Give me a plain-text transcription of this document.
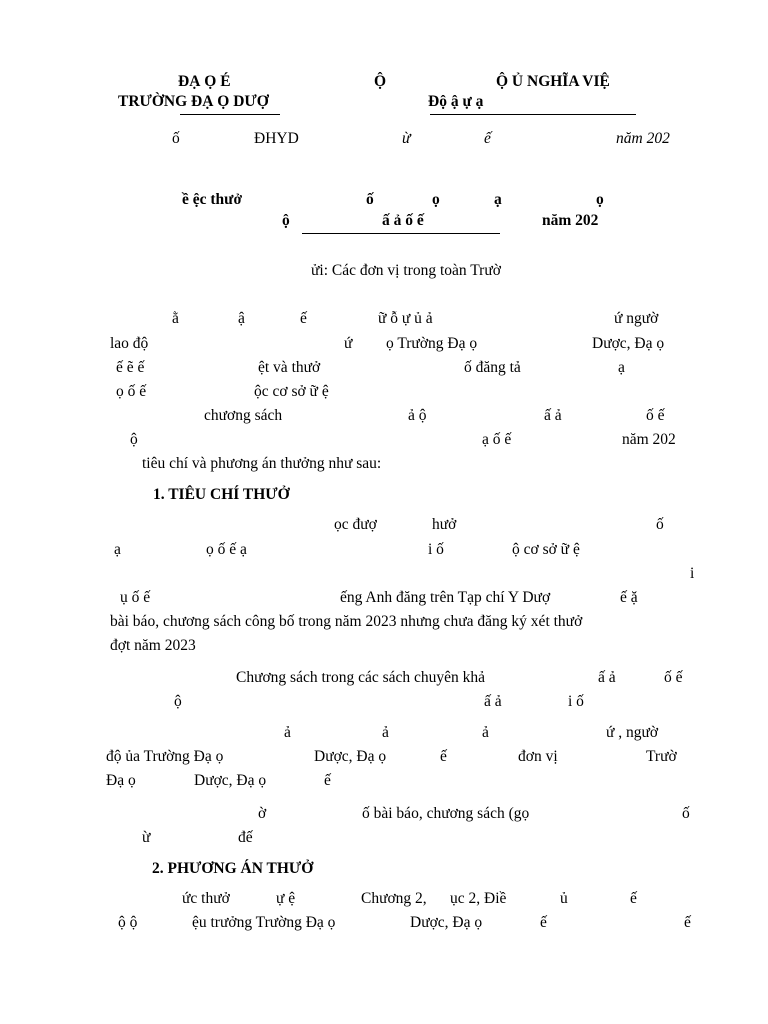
ĐẠ Ọ É	Ộ	Ộ Ủ NGHĨA VIỆ
TRƯỜNG ĐẠ Ọ DƯỢ	Độ ậ ự ạ
ố	ĐHYD	ừ	ế	năm 202
ề ệc thưở	ố	ọ	ạ	ọ
ộ	ấ ả ố ế	năm 202
ửi: Các đơn vị trong toàn Trườ
ằ	ậ	ế	ữ ỗ ự ủ ả	ứ ngườ
lao độ	ứ ọ Trường Đạ ọ	Dược, Đạ ọ
ế ẽ ế	ệt và thưở	ố đăng tả	ạ
ọ ố ế	ộc cơ sở ữ ệ
chương sách	ả ộ	ấ ả	ố ế
ộ	ạ ố ế	năm 202
tiêu chí và phương án thưởng như sau:
1. TIÊU CHÍ THƯỞ
ọc đượ	hưở	ố
ạ	ọ ố ế ạ	i ố	ộ cơ sở ữ ệ
i
ụ ố ế	ếng Anh đăng trên Tạp chí Y Dượ	ế ặ
bài báo, chương sách công bố trong năm 2023 nhưng chưa đăng ký xét thưở
đợt năm 2023
Chương sách trong các sách chuyên khả	ấ ả	ố ế
ộ	ấ ả	i ố
ả	ả	ả	ứ , ngườ
độ ủa Trường Đạ ọ	Dược, Đạ ọ	ế	đơn vị	Trườ
Đạ ọ	Dược, Đạ ọ	ế
ờ	ố bài báo, chương sách (gọ	ố
ừ	đế
2. PHƯƠNG ÁN THƯỞ
ức thưở	ự ệ	Chương 2, ục 2, Điề	ủ	ế
ộ ộ	ệu trưởng Trường Đạ ọ	Dược, Đạ ọ	ế	ế
